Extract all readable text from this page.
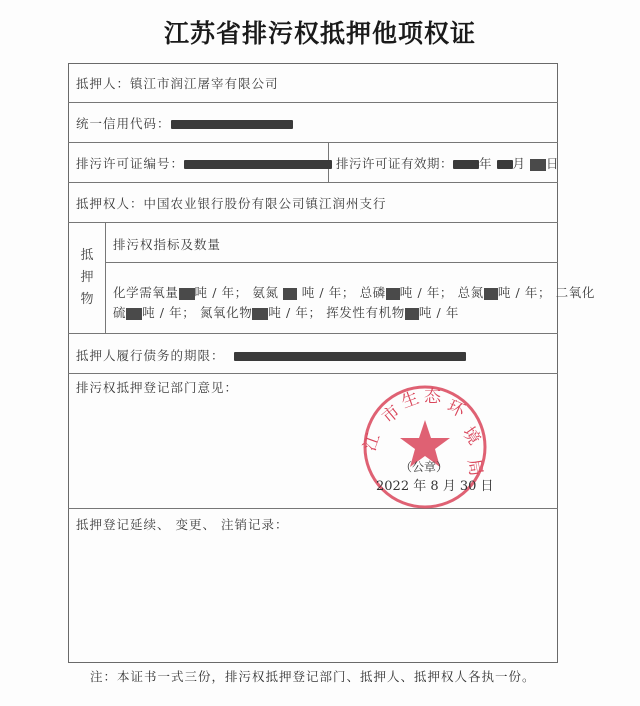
江苏省排污权抵押他项权证
抵押人：镇江市润江屠宰有限公司
统一信用代码：
排污许可证编号：	排污许可证有效期： 年 月 日
抵押权人：中国农业银行股份有限公司镇江润州支行
抵
押
物
排污权指标及数量
化学需氧量 吨 / 年； 氨氮 吨 / 年； 总磷 吨 / 年； 总氮 吨 / 年； 二氧化
硫 吨 / 年； 氮氧化物 吨 / 年； 挥发性有机物 吨 / 年
抵押人履行债务的期限：
排污权抵押登记部门意见：
市
生 态 环
境
局
江
（公章）
2022 年 8 月 30 日
抵押登记延续、 变更、 注销记录：
注：本证书一式三份，排污权抵押登记部门、抵押人、抵押权人各执一份。
